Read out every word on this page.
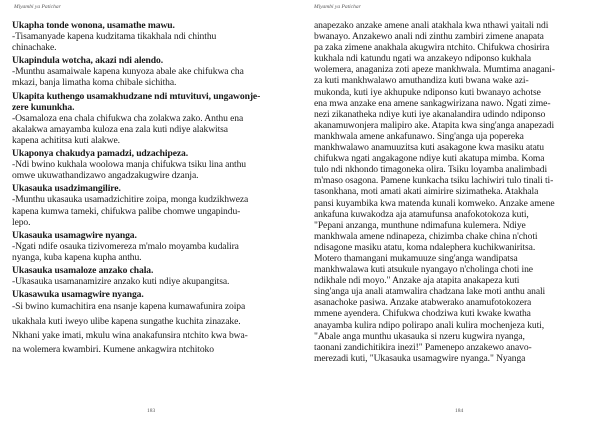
Miyambi ya Patichar
Ukapha tonde wonona, usamathe mawu.
-Tisamanyade kapena kudzitama tikakhala ndi chinthu
chinachake.
Ukapindula wotcha, akazi ndi alendo.
-Munthu asamaiwale kapena kunyoza abale ake chifukwa cha
mkazi, banja limatha koma chibale sichitha.
Ukapita kuthengo usamakhudzane ndi mtuvituvi, ungawonje-
zere kununkha.
-Osamaloza ena chala chifukwa cha zolakwa zako. Anthu ena
akalakwa amayamba kuloza ena zala kuti ndiye alakwitsa
kapena achititsa kuti alakwe.
Ukaponya chakudya pamadzi, udzachipeza.
-Ndi bwino kukhala woolowa manja chifukwa tsiku lina anthu
omwe ukuwathandizawo angadzakugwire dzanja.
Ukasauka usadzimangilire.
-Munthu ukasauka usamadzichitire zoipa, monga kudzikhweza
kapena kumwa tameki, chifukwa palibe chomwe ungapindu-
lepo.
Ukasauka usamagwire nyanga.
-Ngati ndife osauka tizivomereza m'malo moyamba kudalira
nyanga, kuba kapena kupha anthu.
Ukasauka usamaloze anzako chala.
-Ukasauka usamanamizire anzako kuti ndiye akupangitsa.
Ukasawuka usamagwire nyanga.
-Si bwino kumachitira ena nsanje kapena kumawafunira zoipa
ukakhala kuti iweyo ulibe kapena sungathe kuchita zinazake.
Nkhani yake imati, mkulu wina anakafunsira ntchito kwa bwa-
na wolemera kwambiri. Kumene ankagwira ntchitoko
183
Miyambi ya Patichar
anapezako anzake amene anali atakhala kwa nthawi yaitali ndi
bwanayo. Anzakewo anali ndi zinthu zambiri zimene anapata
pa zaka zimene anakhala akugwira ntchito. Chifukwa chosirira
kukhala ndi katundu ngati wa anzakeyo ndiponso kukhala
wolemera, anaganiza zoti apeze mankhwala. Mumtima anagani-
za kuti mankhwalawo amuthandiza kuti bwana wake azi-
mukonda, kuti iye akhupuke ndiponso kuti bwanayo achotse
ena mwa anzake ena amene sankagwirizana nawo. Ngati zime-
nezi zikanatheka ndiye kuti iye akanalandira udindo ndiponso
akanamuwonjera malipiro ake. Atapita kwa sing'anga anapezadi
mankhwala amene ankafunawo. Sing'anga uja popereka
mankhwalawo anamuuzitsa kuti asakagone kwa masiku atatu
chifukwa ngati angakagone ndiye kuti akatupa mimba. Koma
tulo ndi nkhondo timagoneka olira. Tsiku loyamba analimbadi
m'maso osagona. Pamene kunkacha tsiku lachiwiri tulo tinali ti-
tasonkhana, moti amati akati aimirire sizimatheka. Atakhala
pansi kuyambika kwa matenda kunali komweko. Anzake amene
ankafuna kuwakodza aja atamufunsa anafokotokoza kuti,
"Pepani anzanga, munthune ndimafuna kulemera. Ndiye
mankhwala amene ndinapeza, chizimba chake china n'choti
ndisagone masiku atatu, koma ndalephera kuchikwaniritsa.
Motero thamangani mukamuuze sing'anga wandipatsa
mankhwalawa kuti atsukule nyangayo n'cholinga choti ine
ndikhale ndi moyo." Anzake aja atapita anakapeza kuti
sing'anga uja anali atamwalira chadzana lake moti anthu anali
asanachoke pasiwa. Anzake atabwerako anamufotokozera
mmene ayendera. Chifukwa chodziwa kuti kwake kwatha
anayamba kulira ndipo polirapo anali kulira mochenjeza kuti,
"Abale anga munthu ukasauka si nzeru kugwira nyanga,
taonani zandichitikira inezi!" Pamenepo anzakewo anavo-
merezadi kuti, "Ukasauka usamagwire nyanga." Nyanga
184
